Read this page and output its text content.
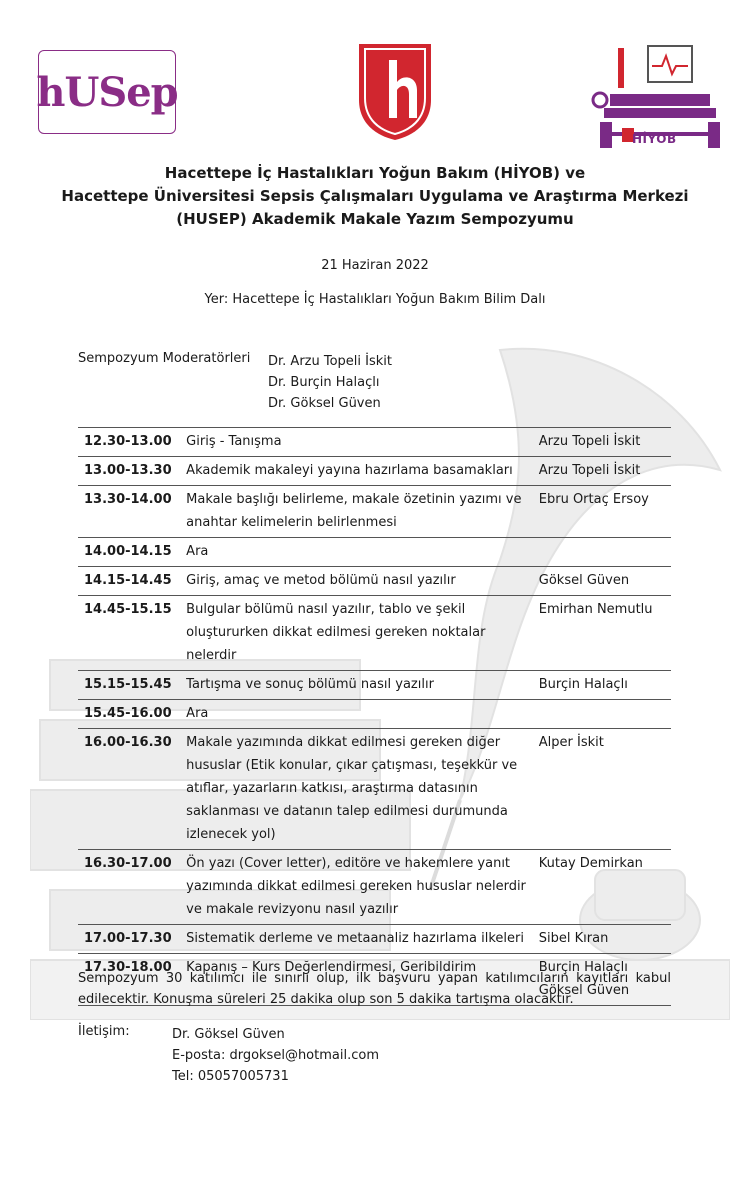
hUSep
HİYOB
Hacettepe İç Hastalıkları Yoğun Bakım (HİYOB) ve
Hacettepe Üniversitesi Sepsis Çalışmaları Uygulama ve Araştırma Merkezi
(HUSEP) Akademik Makale Yazım Sempozyumu
21 Haziran 2022
Yer: Hacettepe İç Hastalıkları Yoğun Bakım Bilim Dalı
Sempozyum Moderatörleri Dr. Arzu Topeli İskit
Dr. Burçin Halaçlı
Dr. Göksel Güven
12.30-13.00	Giriş - Tanışma	Arzu Topeli İskit
13.00-13.30	Akademik makaleyi yayına hazırlama basamakları	Arzu Topeli İskit
13.30-14.00	Makale başlığı belirleme, makale özetinin yazımı ve anahtar kelimelerin belirlenmesi	Ebru Ortaç Ersoy
14.00-14.15	Ara	
14.15-14.45	Giriş, amaç ve metod bölümü nasıl yazılır	Göksel Güven
14.45-15.15	Bulgular bölümü nasıl yazılır, tablo ve şekil oluştururken dikkat edilmesi gereken noktalar nelerdir	Emirhan Nemutlu
15.15-15.45	Tartışma ve sonuç bölümü nasıl yazılır	Burçin Halaçlı
15.45-16.00	Ara	
16.00-16.30	Makale yazımında dikkat edilmesi gereken diğer hususlar (Etik konular, çıkar çatışması, teşekkür ve atıflar, yazarların katkısı, araştırma datasının saklanması ve datanın talep edilmesi durumunda izlenecek yol)	Alper İskit
16.30-17.00	Ön yazı (Cover letter), editöre ve hakemlere yanıt yazımında dikkat edilmesi gereken hususlar nelerdir ve makale revizyonu nasıl yazılır	Kutay Demirkan
17.00-17.30	Sistematik derleme ve metaanaliz hazırlama ilkeleri	Sibel Kıran
17.30-18.00	Kapanış – Kurs Değerlendirmesi, Geribildirim	Burçin Halaçlı
Göksel Güven
Sempozyum 30 katılımcı ile sınırlı olup, ilk başvuru yapan katılımcıların kayıtları kabul edilecektir. Konuşma süreleri 25 dakika olup son 5 dakika tartışma olacaktır.
İletişim:	Dr. Göksel Güven
E-posta: drgoksel@hotmail.com
Tel: 05057005731
